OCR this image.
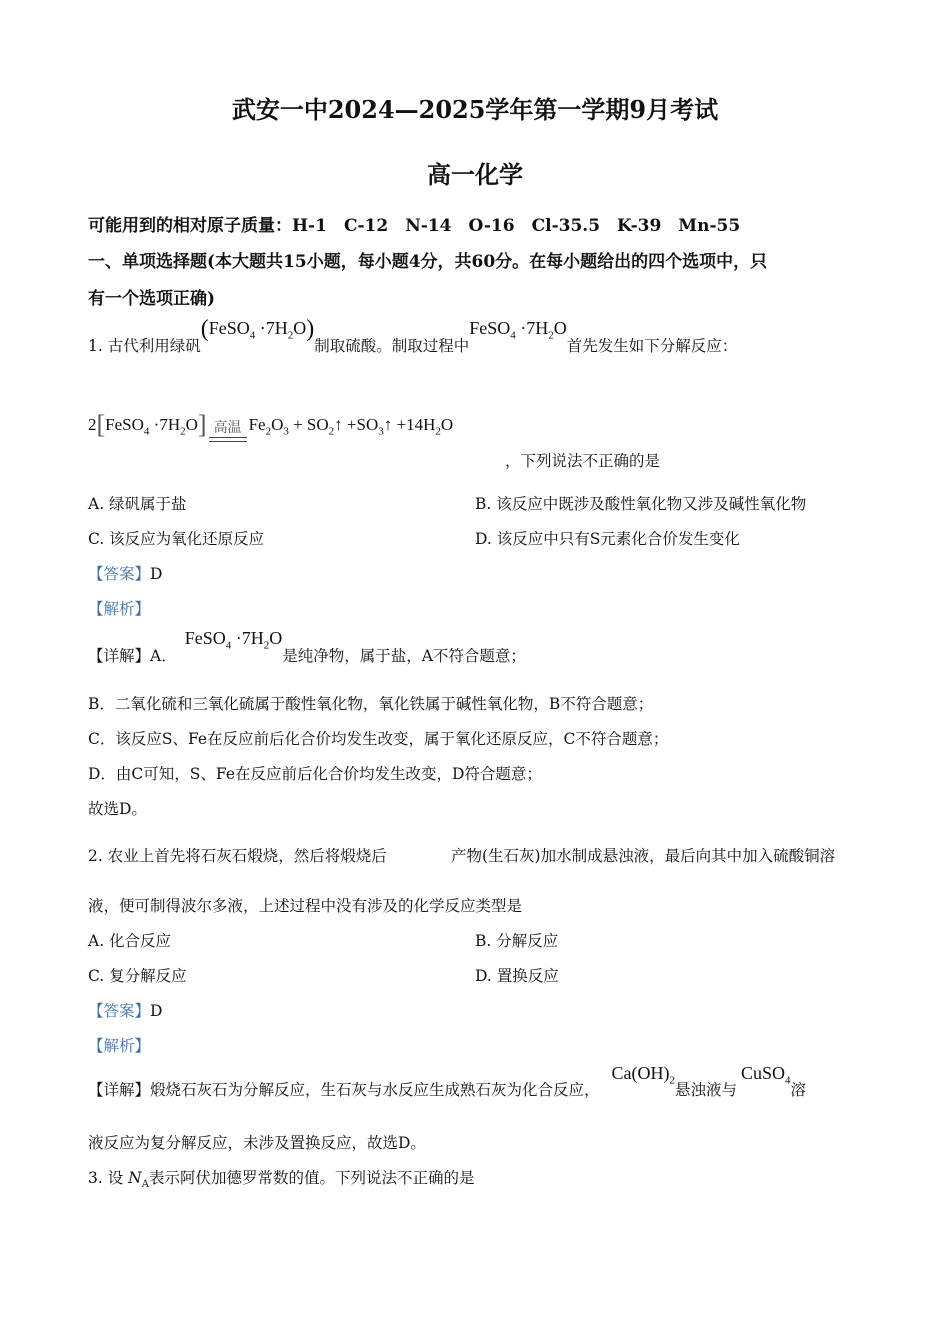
武安一中2024—2025学年第一学期9月考试
高一化学
可能用到的相对原子质量：H-1　C-12　N-14　O-16　Cl-35.5　K-39　Mn-55
一、单项选择题(本大题共15小题，每小题4分，共60分。在每小题给出的四个选项中，只
有一个选项正确)
1. 古代利用绿矾
(FeSO$_4$ $\cdot 7H_2O$)
制取硫酸。制取过程中
FeSO$_4$ $\cdot 7H_2O$
首先发生如下分解反应：
2[FeSO$_4$ $\cdot 7H_2O$] 高温 $Fe_2O_3$ + $SO_2↑$ $+SO_3↑ +14H_2O$
，下列说法不正确的是
A. 绿矾属于盐	B. 该反应中既涉及酸性氧化物又涉及碱性氧化物
C. 该反应为氧化还原反应	D. 该反应中只有S元素化合价发生变化
【答案】D
【解析】
【详解】 A．
FeSO$_4$ $\cdot 7H_2O$
是纯净物，属于盐，A不符合题意；
B．二氧化硫和三氧化硫属于酸性氧化物，氧化铁属于碱性氧化物，B不符合题意；
C．该反应S、Fe在反应前后化合价均发生改变，属于氧化还原反应，C不符合题意；
D．由C可知，S、Fe在反应前后化合价均发生改变，D符合题意；
故选D。
2. 农业上首先将石灰石煅烧，然后将煅烧后	产物(生石灰)加水制成悬浊液，最后向其中加入硫酸铜溶
液，便可制得波尔多液，上述过程中没有涉及的化学反应类型是
A. 化合反应	B. 分解反应
C. 复分解反应	D. 置换反应
【答案】D
【解析】
【详解】 煅烧石灰石为分解反应，生石灰与水反应生成熟石灰为化合反应，
$Ca(OH)_2$ 悬浊液与
CuSO$_4$ 溶
液反应为复分解反应，未涉及置换反应，故选D。
3. 设 $N_A$表示阿伏加德罗常数的值。下列说法不正确的是
